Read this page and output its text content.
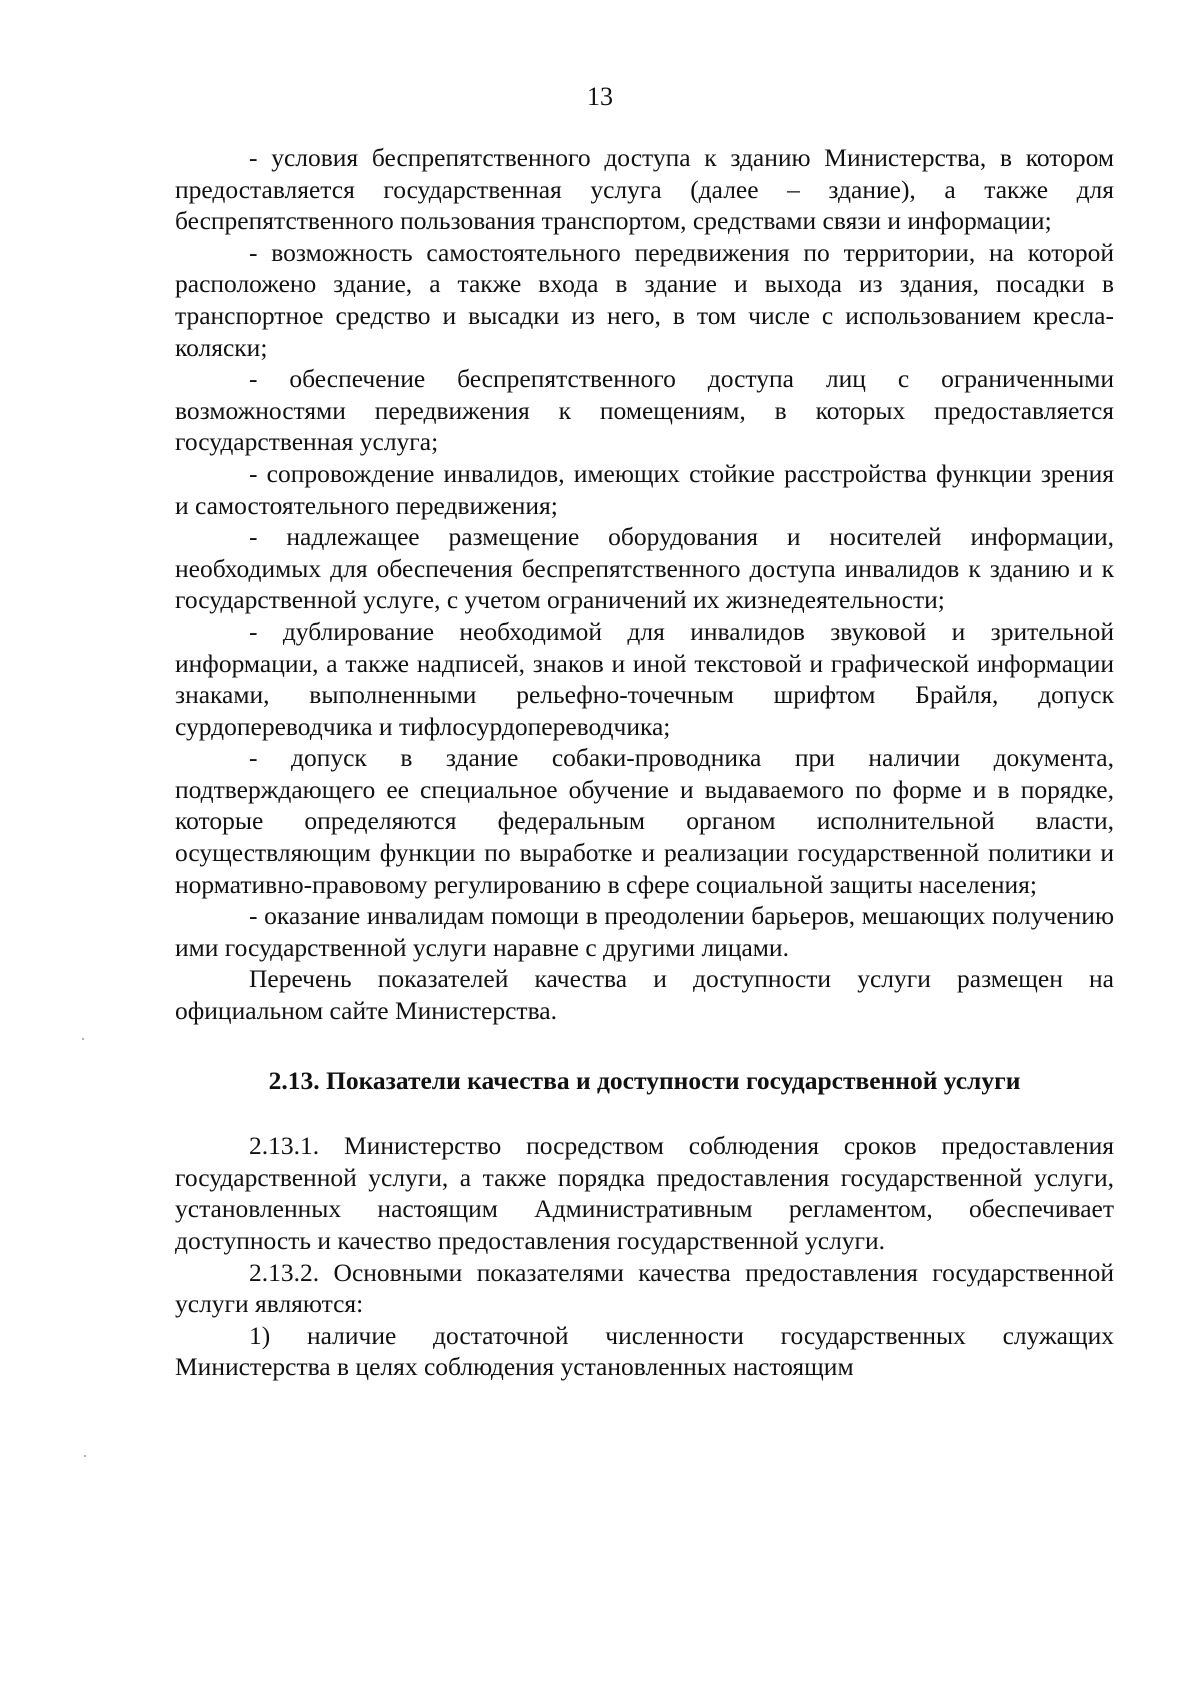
13

- условия беспрепятственного доступа к зданию Министерства, в котором предоставляется государственная услуга (далее – здание), а также для беспрепятственного пользования транспортом, средствами связи и информации;

- возможность самостоятельного передвижения по территории, на которой расположено здание, а также входа в здание и выхода из здания, посадки в транспортное средство и высадки из него, в том числе с использованием кресла-коляски;

- обеспечение беспрепятственного доступа лиц с ограниченными возможностями передвижения к помещениям, в которых предоставляется государственная услуга;

- сопровождение инвалидов, имеющих стойкие расстройства функции зрения и самостоятельного передвижения;

- надлежащее размещение оборудования и носителей информации, необходимых для обеспечения беспрепятственного доступа инвалидов к зданию и к государственной услуге, с учетом ограничений их жизнедеятельности;

- дублирование необходимой для инвалидов звуковой и зрительной информации, а также надписей, знаков и иной текстовой и графической информации знаками, выполненными рельефно-точечным шрифтом Брайля, допуск сурдопереводчика и тифлосурдопереводчика;

- допуск в здание собаки-проводника при наличии документа, подтверждающего ее специальное обучение и выдаваемого по форме и в порядке, которые определяются федеральным органом исполнительной власти, осуществляющим функции по выработке и реализации государственной политики и нормативно-правовому регулированию в сфере социальной защиты населения;

- оказание инвалидам помощи в преодолении барьеров, мешающих получению ими государственной услуги наравне с другими лицами.

Перечень показателей качества и доступности услуги размещен на официальном сайте Министерства.

2.13. Показатели качества и доступности государственной услуги

2.13.1. Министерство посредством соблюдения сроков предоставления государственной услуги, а также порядка предоставления государственной услуги, установленных настоящим Административным регламентом, обеспечивает доступность и качество предоставления государственной услуги.

2.13.2. Основными показателями качества предоставления государственной услуги являются:

1) наличие достаточной численности государственных служащих Министерства в целях соблюдения установленных настоящим
